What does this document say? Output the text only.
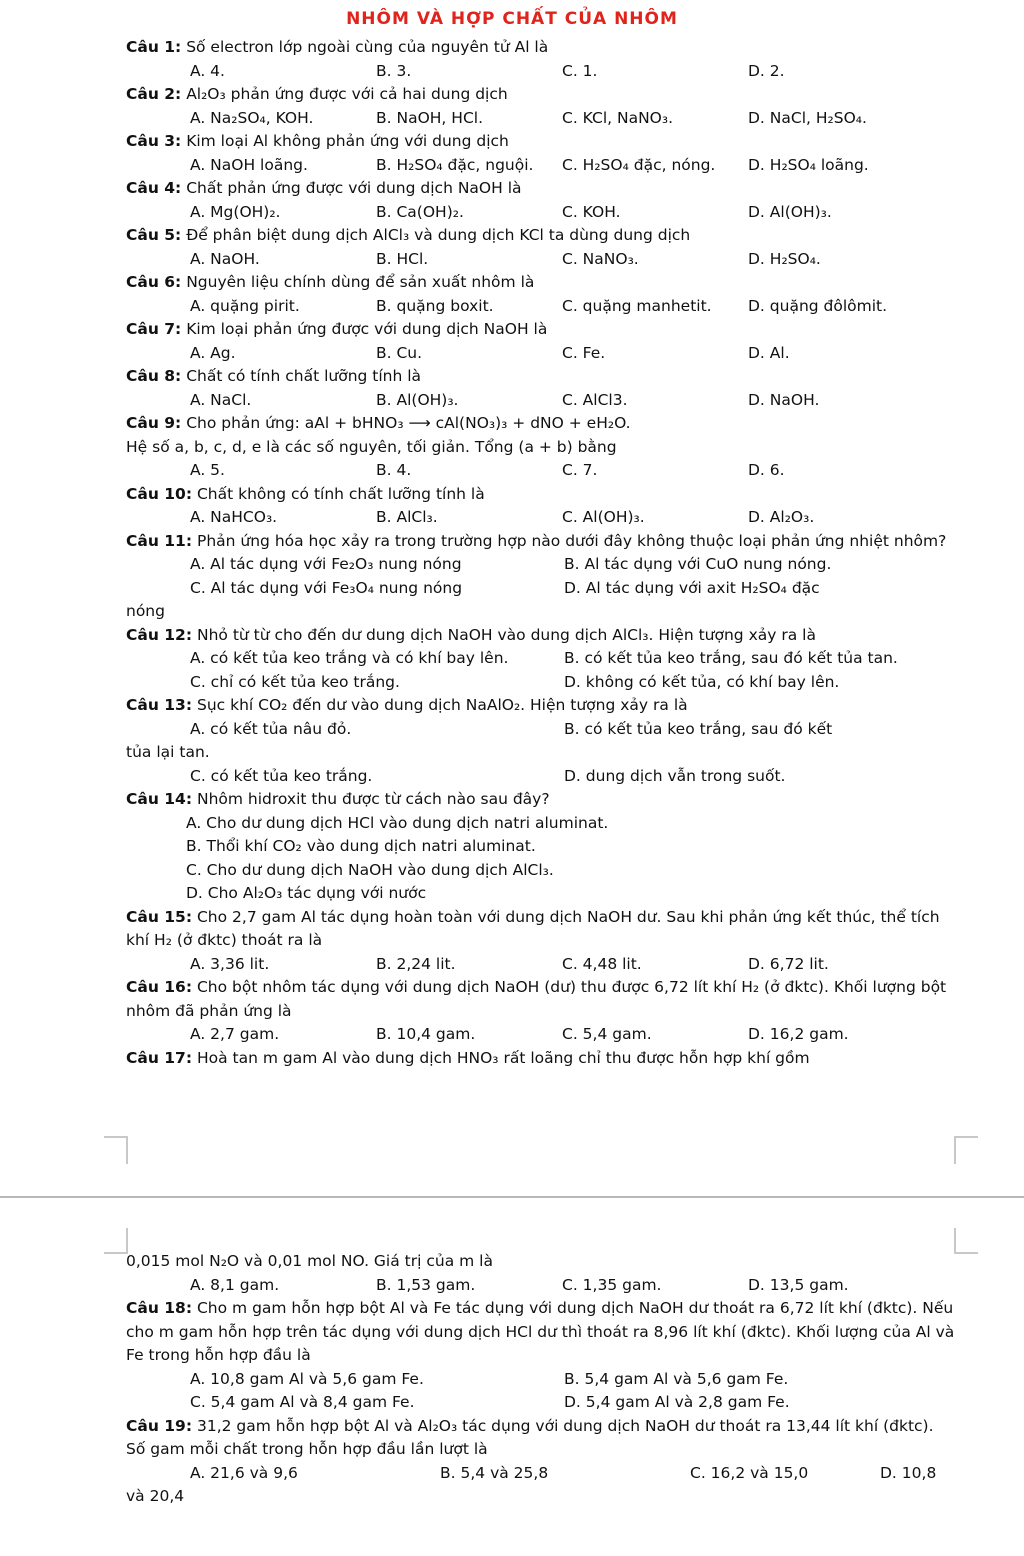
NHÔM VÀ HỢP CHẤT CỦA NHÔM

Câu 1: Số electron lớp ngoài cùng của nguyên tử Al là

A. 4.	B. 3.	C. 1.	D. 2.

Câu 2: Al₂O₃ phản ứng được với cả hai dung dịch

A. Na₂SO₄, KOH.	B. NaOH, HCl.	C. KCl, NaNO₃.	D. NaCl, H₂SO₄.

Câu 3: Kim loại Al không phản ứng với dung dịch

A. NaOH loãng.	B. H₂SO₄ đặc, nguội.	C. H₂SO₄ đặc, nóng.	D. H₂SO₄ loãng.

Câu 4: Chất phản ứng được với dung dịch NaOH là

A. Mg(OH)₂.	B. Ca(OH)₂.	C. KOH.	D. Al(OH)₃.

Câu 5: Để phân biệt dung dịch AlCl₃ và dung dịch KCl ta dùng dung dịch

A. NaOH.	B. HCl.	C. NaNO₃.	D. H₂SO₄.

Câu 6: Nguyên liệu chính dùng để sản xuất nhôm là

A. quặng pirit.	B. quặng boxit.	C. quặng manhetit.	D. quặng đôlômit.

Câu 7: Kim loại phản ứng được với dung dịch NaOH là

A. Ag.	B. Cu.	C. Fe.	D. Al.

Câu 8: Chất có tính chất lưỡng tính là

A. NaCl.	B. Al(OH)₃.	C. AlCl3.	D. NaOH.

Câu 9: Cho phản ứng: aAl + bHNO₃ ⟶ cAl(NO₃)₃ + dNO + eH₂O.

Hệ số a, b, c, d, e là các số nguyên, tối giản. Tổng (a + b) bằng

A. 5.	B. 4.	C. 7.	D. 6.

Câu 10: Chất không có tính chất lưỡng tính là

A. NaHCO₃.	B. AlCl₃.	C. Al(OH)₃.	D. Al₂O₃.

Câu 11: Phản ứng hóa học xảy ra trong trường hợp nào dưới đây không thuộc loại phản ứng nhiệt nhôm?

A. Al tác dụng với Fe₂O₃ nung nóng	B. Al tác dụng với CuO nung nóng.
C. Al tác dụng với Fe₃O₄ nung nóng	D. Al tác dụng với axit H₂SO₄ đặc

nóng

Câu 12: Nhỏ từ từ cho đến dư dung dịch NaOH vào dung dịch AlCl₃. Hiện tượng xảy ra là

A. có kết tủa keo trắng và có khí bay lên.	B. có kết tủa keo trắng, sau đó kết tủa tan.
C. chỉ có kết tủa keo trắng.	D. không có kết tủa, có khí bay lên.

Câu 13: Sục khí CO₂ đến dư vào dung dịch NaAlO₂. Hiện tượng xảy ra là

A. có kết tủa nâu đỏ.	B. có kết tủa keo trắng, sau đó kết

tủa lại tan.

C. có kết tủa keo trắng.	D. dung dịch vẫn trong suốt.

Câu 14: Nhôm hidroxit thu được từ cách nào sau đây?

A. Cho dư dung dịch HCl vào dung dịch natri aluminat.
B. Thổi khí CO₂ vào dung dịch natri aluminat.
C. Cho dư dung dịch NaOH vào dung dịch AlCl₃.
D. Cho Al₂O₃ tác dụng với nước

Câu 15: Cho 2,7 gam Al tác dụng hoàn toàn với dung dịch NaOH dư. Sau khi phản ứng kết thúc, thể tích khí H₂ (ở đktc) thoát ra là

A. 3,36 lit.	B. 2,24 lit.	C. 4,48 lit.	D. 6,72 lit.

Câu 16: Cho bột nhôm tác dụng với dung dịch NaOH (dư) thu được 6,72 lít khí H₂ (ở đktc). Khối lượng bột nhôm đã phản ứng là

A. 2,7 gam.	B. 10,4 gam.	C. 5,4 gam.	D. 16,2 gam.

Câu 17: Hoà tan m gam Al vào dung dịch HNO₃ rất loãng chỉ thu được hỗn hợp khí gồm

0,015 mol N₂O và 0,01 mol NO. Giá trị của m là

A. 8,1 gam.	B. 1,53 gam.	C. 1,35 gam.	D. 13,5 gam.

Câu 18: Cho m gam hỗn hợp bột Al và Fe tác dụng với dung dịch NaOH dư thoát ra 6,72 lít khí (đktc). Nếu cho m gam hỗn hợp trên tác dụng với dung dịch HCl dư thì thoát ra 8,96 lít khí (đktc). Khối lượng của Al và Fe trong hỗn hợp đầu là

A. 10,8 gam Al và 5,6 gam Fe.	B. 5,4 gam Al và 5,6 gam Fe.
C. 5,4 gam Al và 8,4 gam Fe.	D. 5,4 gam Al và 2,8 gam Fe.

Câu 19: 31,2 gam hỗn hợp bột Al và Al₂O₃ tác dụng với dung dịch NaOH dư thoát ra 13,44 lít khí (đktc). Số gam mỗi chất trong hỗn hợp đầu lần lượt là

A. 21,6 và 9,6	B. 5,4 và 25,8	C. 16,2 và 15,0	D. 10,8

và 20,4
